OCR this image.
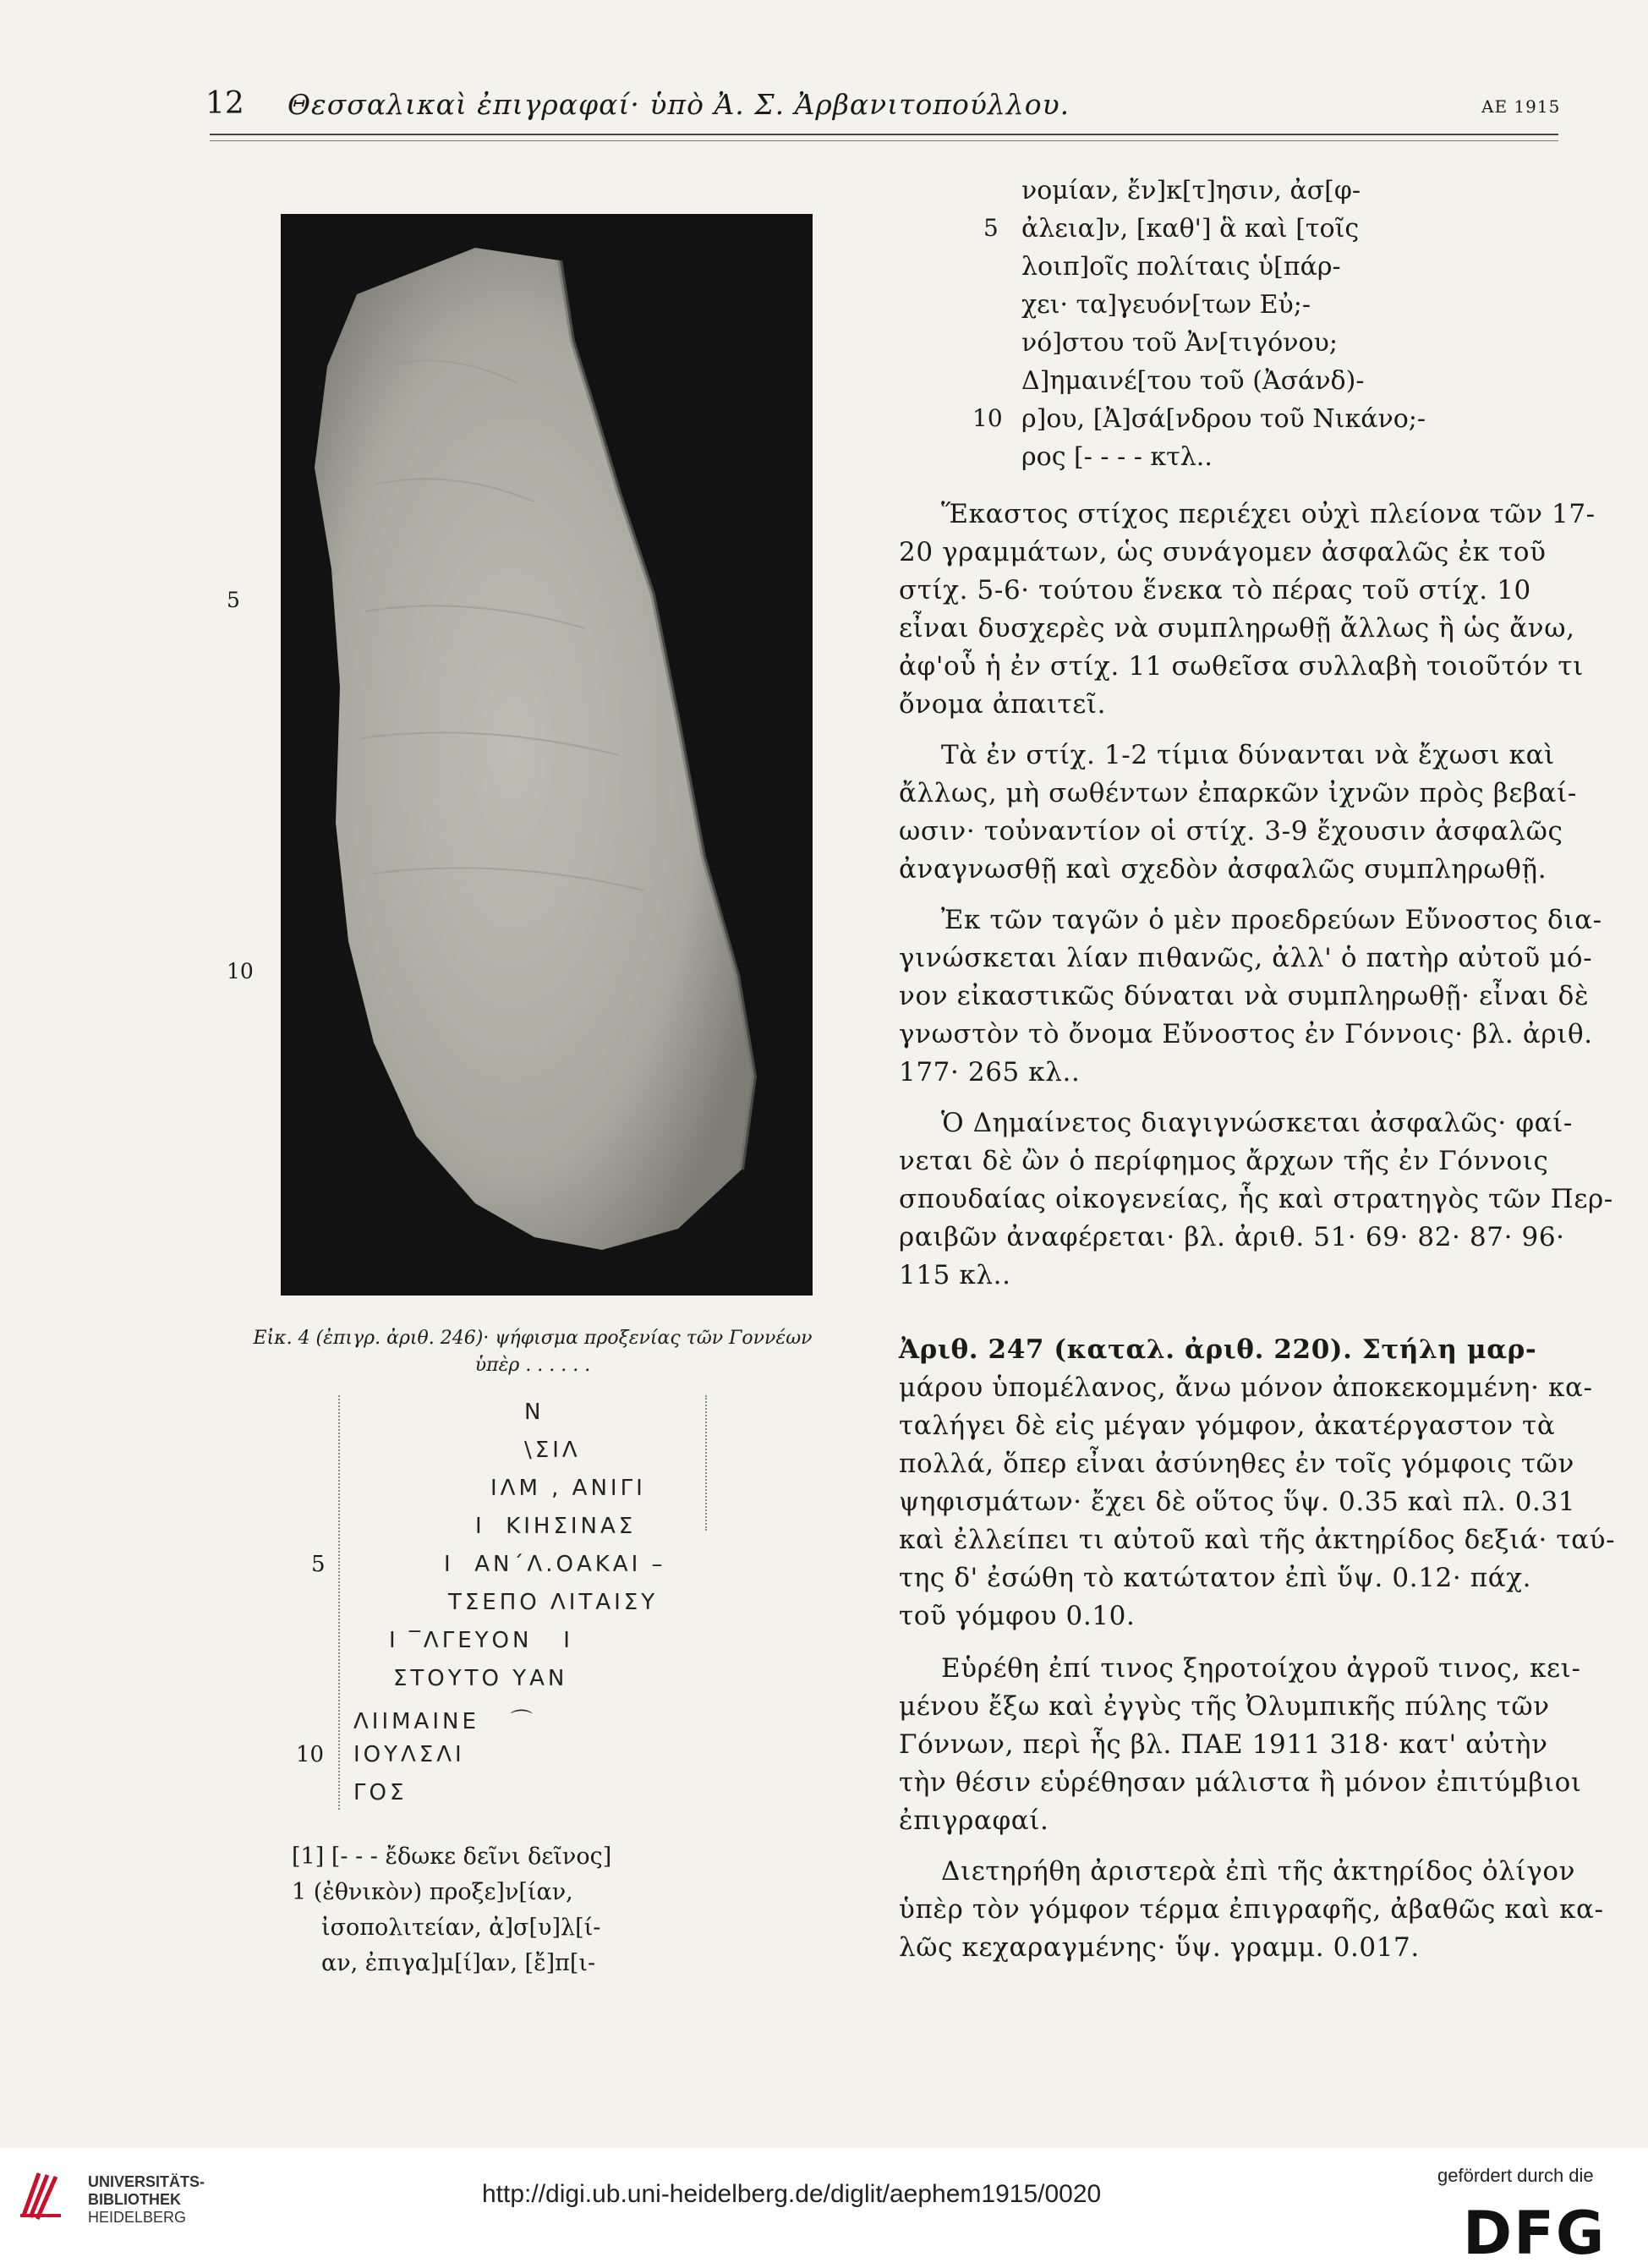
12 Θεσσαλικαὶ ἐπιγραφαί· ὑπὸ Ἀ. Σ. Ἀρβανιτοπούλλου.	ΑΕ 1915
5
10
Εἰκ. 4 (ἐπιγρ. ἀριθ. 246)· ψήφισμα προξενίας τῶν Γοννέων
ὑπὲρ . . . . . .
N
\ΣΙΛ
ΙΛΜ , ΑΝΙΓΙ
Ι  ΚΙΗΣΙΝΑΣ
Ι  ΑΝ΄Λ.ΟΑΚΑΙ –
ΤΣΕΠΟ ΛΙΤΑΙΣΥ
Ι ‾ΛΓΕΥΟΝ   Ι
ΣΤΟΥΤΟ ΥΑΝ
ΛΙΙΜΑΙΝΕ   ⌒
ΙΟΥΛΣΛΙ
ΓΟΣ
5
10
[1] [- - - ἔδωκε δεῖνι δεῖνος]
1 (ἐθνικὸν) προξε]ν[ίαν,
ἰσοπολιτείαν, ἀ]σ[υ]λ[ί-
αν, ἐπιγα]μ[ί]αν, [ἔ]π[ι-
νομίαν, ἔν]κ[τ]ησιν, ἀσ[φ-
ἀλεια]ν, [καθ'] ἃ καὶ [τοῖς
λοιπ]οῖς πολίταις ὑ[πάρ-
χει· τα]γευόν[των Εὐ;-
νό]στου τοῦ Ἀν[τιγόνου;
Δ]ημαινέ[του τοῦ (Ἀσάνδ)-
ρ]ου, [Ἀ]σά[νδρου τοῦ Νικάνο;-
ρος [- - - - κτλ..
5
10
Ἕκαστος στίχος περιέχει οὐχὶ πλείονα τῶν 17-
20 γραμμάτων, ὡς συνάγομεν ἀσφαλῶς ἐκ τοῦ
στίχ. 5-6· τούτου ἕνεκα τὸ πέρας τοῦ στίχ. 10
εἶναι δυσχερὲς νὰ συμπληρωθῇ ἄλλως ἢ ὡς ἄνω,
ἀφ'οὗ ἡ ἐν στίχ. 11 σωθεῖσα συλλαβὴ τοιοῦτόν τι
ὄνομα ἀπαιτεῖ.
Τὰ ἐν στίχ. 1-2 τίμια δύνανται νὰ ἔχωσι καὶ
ἄλλως, μὴ σωθέντων ἐπαρκῶν ἰχνῶν πρὸς βεβαί-
ωσιν· τοὐναντίον οἱ στίχ. 3-9 ἔχουσιν ἀσφαλῶς
ἀναγνωσθῇ καὶ σχεδὸν ἀσφαλῶς συμπληρωθῇ.
Ἐκ τῶν ταγῶν ὁ μὲν προεδρεύων Εὔνοστος δια-
γινώσκεται λίαν πιθανῶς, ἀλλ' ὁ πατὴρ αὐτοῦ μό-
νον εἰκαστικῶς δύναται νὰ συμπληρωθῇ· εἶναι δὲ
γνωστὸν τὸ ὄνομα Εὔνοστος ἐν Γόννοις· βλ. ἀριθ.
177· 265 κλ..
Ὁ Δημαίνετος διαγιγνώσκεται ἀσφαλῶς· φαί-
νεται δὲ ὢν ὁ περίφημος ἄρχων τῆς ἐν Γόννοις
σπουδαίας οἰκογενείας, ἧς καὶ στρατηγὸς τῶν Περ-
ραιβῶν ἀναφέρεται· βλ. ἀριθ. 51· 69· 82· 87· 96·
115 κλ..
Ἀριθ. 247 (καταλ. ἀριθ. 220). Στήλη μαρ-
μάρου ὑπομέλανος, ἄνω μόνον ἀποκεκομμένη· κα-
ταλήγει δὲ εἰς μέγαν γόμφον, ἀκατέργαστον τὰ
πολλά, ὅπερ εἶναι ἀσύνηθες ἐν τοῖς γόμφοις τῶν
ψηφισμάτων· ἔχει δὲ οὕτος ὕψ. 0.35 καὶ πλ. 0.31
καὶ ἐλλείπει τι αὐτοῦ καὶ τῆς ἀκτηρίδος δεξιά· ταύ-
της δ' ἐσώθη τὸ κατώτατον ἐπὶ ὕψ. 0.12· πάχ.
τοῦ γόμφου 0.10.
Εὑρέθη ἐπί τινος ξηροτοίχου ἀγροῦ τινος, κει-
μένου ἔξω καὶ ἐγγὺς τῆς Ὀλυμπικῆς πύλης τῶν
Γόννων, περὶ ἧς βλ. ΠΑΕ 1911 318· κατ' αὐτὴν
τὴν θέσιν εὑρέθησαν μάλιστα ἢ μόνον ἐπιτύμβιοι
ἐπιγραφαί.
Διετηρήθη ἀριστερὰ ἐπὶ τῆς ἀκτηρίδος ὀλίγον
ὑπὲρ τὸν γόμφον τέρμα ἐπιγραφῆς, ἀβαθῶς καὶ κα-
λῶς κεχαραγμένης· ὕψ. γραμμ. 0.017.
UNIVERSITÄTS-
BIBLIOTHEK
HEIDELBERG
http://digi.ub.uni-heidelberg.de/diglit/aephem1915/0020
gefördert durch die
DFG
